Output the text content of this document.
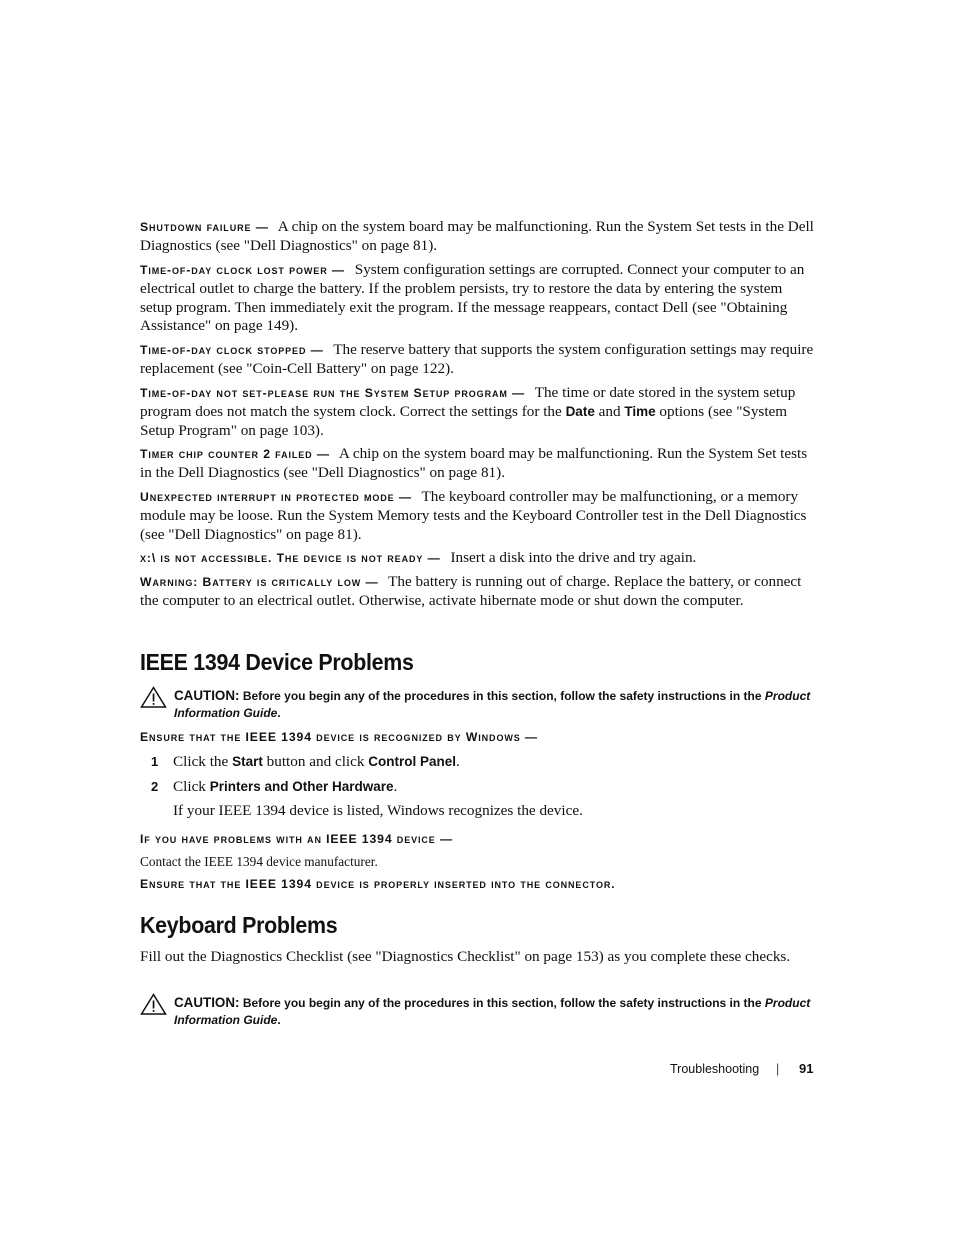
Shutdown failure — A chip on the system board may be malfunctioning. Run the System Set tests in the Dell Diagnostics (see "Dell Diagnostics" on page 81).

Time-of-day clock lost power — System configuration settings are corrupted. Connect your computer to an electrical outlet to charge the battery. If the problem persists, try to restore the data by entering the system setup program. Then immediately exit the program. If the message reappears, contact Dell (see "Obtaining Assistance" on page 149).

Time-of-day clock stopped — The reserve battery that supports the system configuration settings may require replacement (see "Coin-Cell Battery" on page 122).

Time-of-day not set-please run the System Setup program — The time or date stored in the system setup program does not match the system clock. Correct the settings for the Date and Time options (see "System Setup Program" on page 103).

Timer chip counter 2 failed — A chip on the system board may be malfunctioning. Run the System Set tests in the Dell Diagnostics (see "Dell Diagnostics" on page 81).

Unexpected interrupt in protected mode — The keyboard controller may be malfunctioning, or a memory module may be loose. Run the System Memory tests and the Keyboard Controller test in the Dell Diagnostics (see "Dell Diagnostics" on page 81).

x:\ is not accessible. The device is not ready — Insert a disk into the drive and try again.

Warning: Battery is critically low — The battery is running out of charge. Replace the battery, or connect the computer to an electrical outlet. Otherwise, activate hibernate mode or shut down the computer.

IEEE 1394 Device Problems
CAUTION: Before you begin any of the procedures in this section, follow the safety instructions in the Product Information Guide.
Ensure that the IEEE 1394 device is recognized by Windows —
1 Click the Start button and click Control Panel.
2 Click Printers and Other Hardware.
If your IEEE 1394 device is listed, Windows recognizes the device.
If you have problems with an IEEE 1394 device —
Contact the IEEE 1394 device manufacturer.
Ensure that the IEEE 1394 device is properly inserted into the connector.
Keyboard Problems

Fill out the Diagnostics Checklist (see "Diagnostics Checklist" on page 153) as you complete these checks.

CAUTION: Before you begin any of the procedures in this section, follow the safety instructions in the Product Information Guide.
Troubleshooting | 91
